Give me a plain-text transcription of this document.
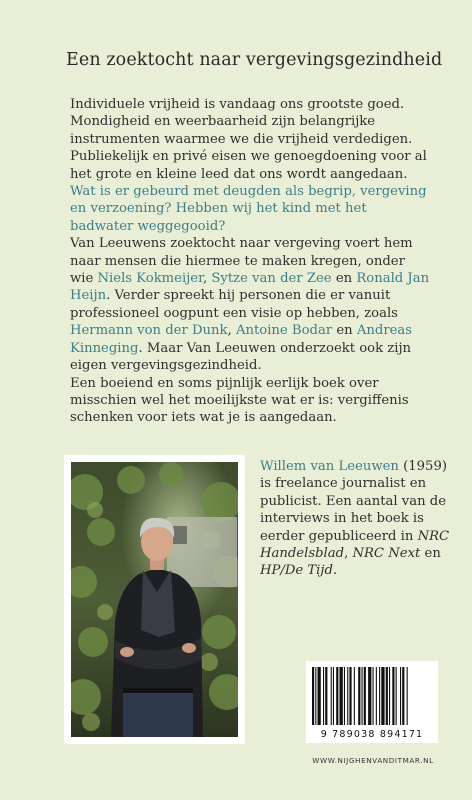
Een zoektocht naar vergevingsgezindheid

Individuele vrijheid is vandaag ons grootste goed. Mondigheid en weerbaarheid zijn belangrijke instrumenten waarmee we die vrijheid verdedigen. Publiekelijk en privé eisen we genoegdoening voor al het grote en kleine leed dat ons wordt aangedaan. Wat is er gebeurd met deugden als begrip, vergeving en verzoening? Hebben wij het kind met het badwater weggegooid?

Van Leeuwens zoektocht naar vergeving voert hem naar mensen die hiermee te maken kregen, onder wie Niels Kokmeijer, Sytze van der Zee en Ronald Jan Heijn. Verder spreekt hij personen die er vanuit professioneel oogpunt een visie op hebben, zoals Hermann von der Dunk, Antoine Bodar en Andreas Kinneging. Maar Van Leeuwen onderzoekt ook zijn eigen vergevingsgezindheid.

Een boeiend en soms pijnlijk eerlijk boek over misschien wel het moeilijkste wat er is: vergiffenis schenken voor iets wat je is aangedaan.

Willem van Leeuwen (1959) is freelance journalist en publicist. Een aantal van de interviews in het boek is eerder gepubliceerd in NRC Handelsblad, NRC Next en HP/De Tijd.
9 789038 894171
WWW.NIJGHENVANDITMAR.NL
